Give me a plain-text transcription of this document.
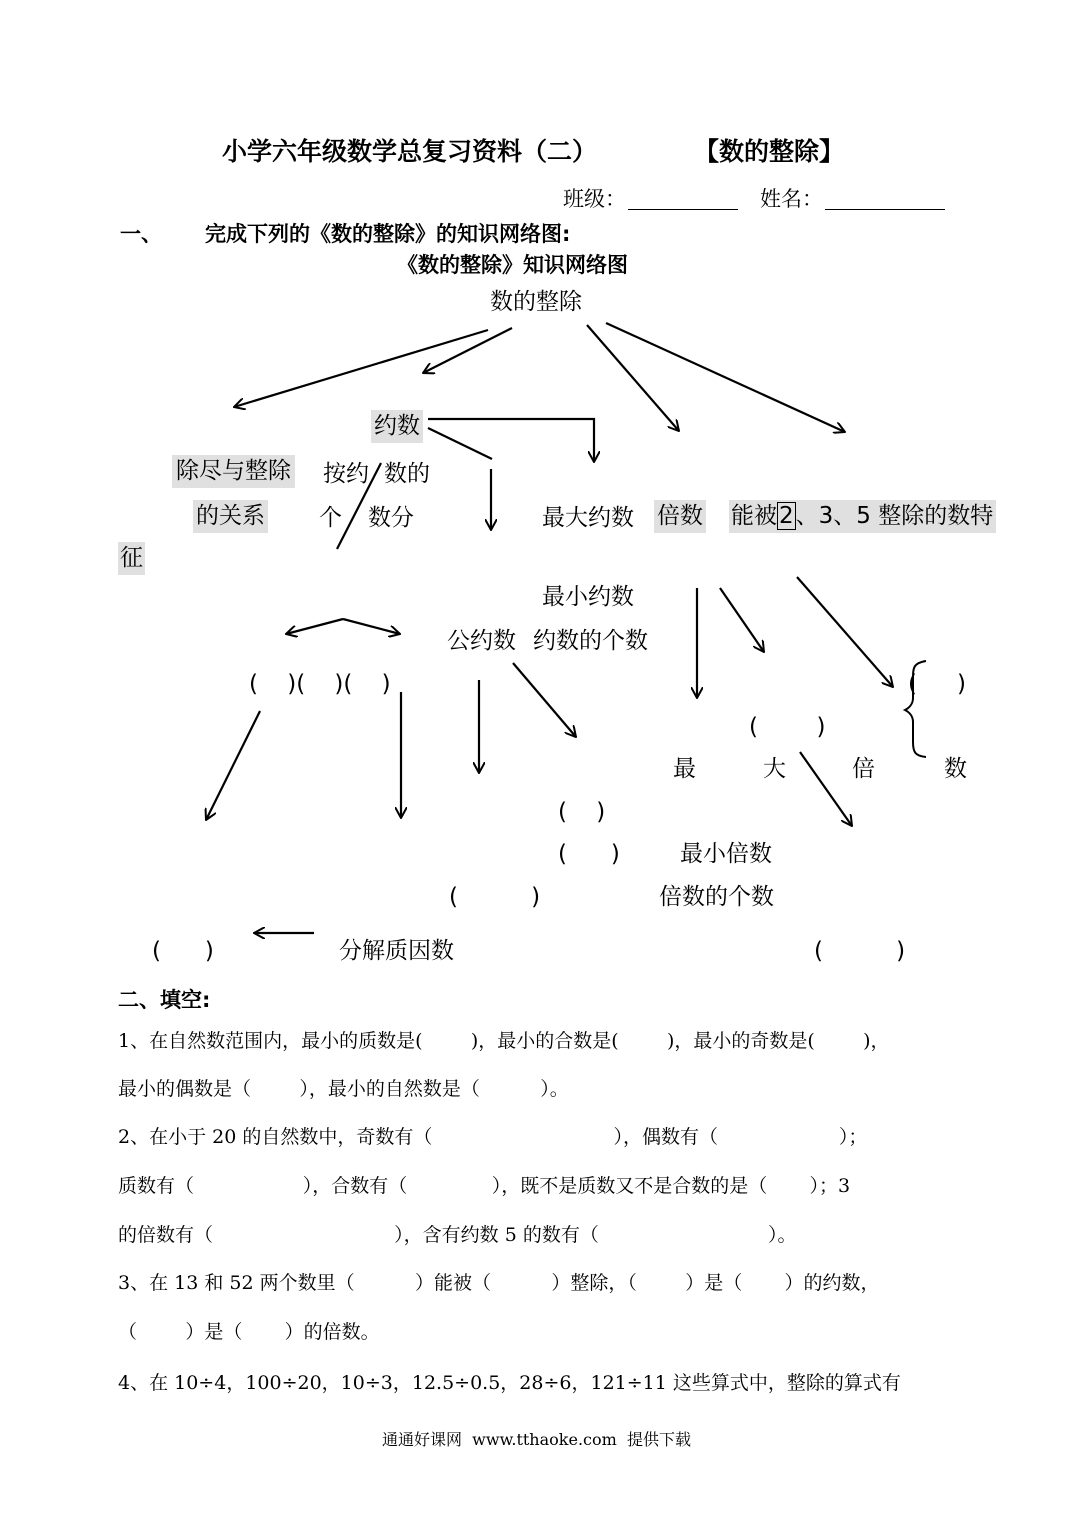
小学六年级数学总复习资料（二）	【数的整除】
班级：	姓名：
一、 完成下列的《数的整除》的知识网络图:
《数的整除》知识网络图
数的整除
约数
除尽与整除
的关系
按约 数的
个 数分	最大约数 倍数 能被2、3、5 整除的数特
征
最小约数
公约数 约数的个数
(    )(    )(    )	( )
(        )
最	大	倍	数
(    )
(      )	最小倍数
(          )	倍数的个数
(      )	分解质因数	(          )
二、填空:
1、在自然数范围内，最小的质数是(        )，最小的合数是(        )，最小的奇数是(        )，
最小的偶数是（        ），最小的自然数是（          ）。
2、在小于 20 的自然数中，奇数有（                              ），偶数有（                    ）；
质数有（                  ），合数有（              ），既不是质数又不是合数的是（       ）；3
的倍数有（                              ），含有约数 5 的数有（                            ）。
3、在 13 和 52 两个数里（          ）能被（          ）整除，（        ）是（       ）的约数，
（        ）是（       ）的倍数。
4、在 10÷4，100÷20，10÷3，12.5÷0.5，28÷6，121÷11 这些算式中，整除的算式有
通通好课网  www.tthaoke.com  提供下载
